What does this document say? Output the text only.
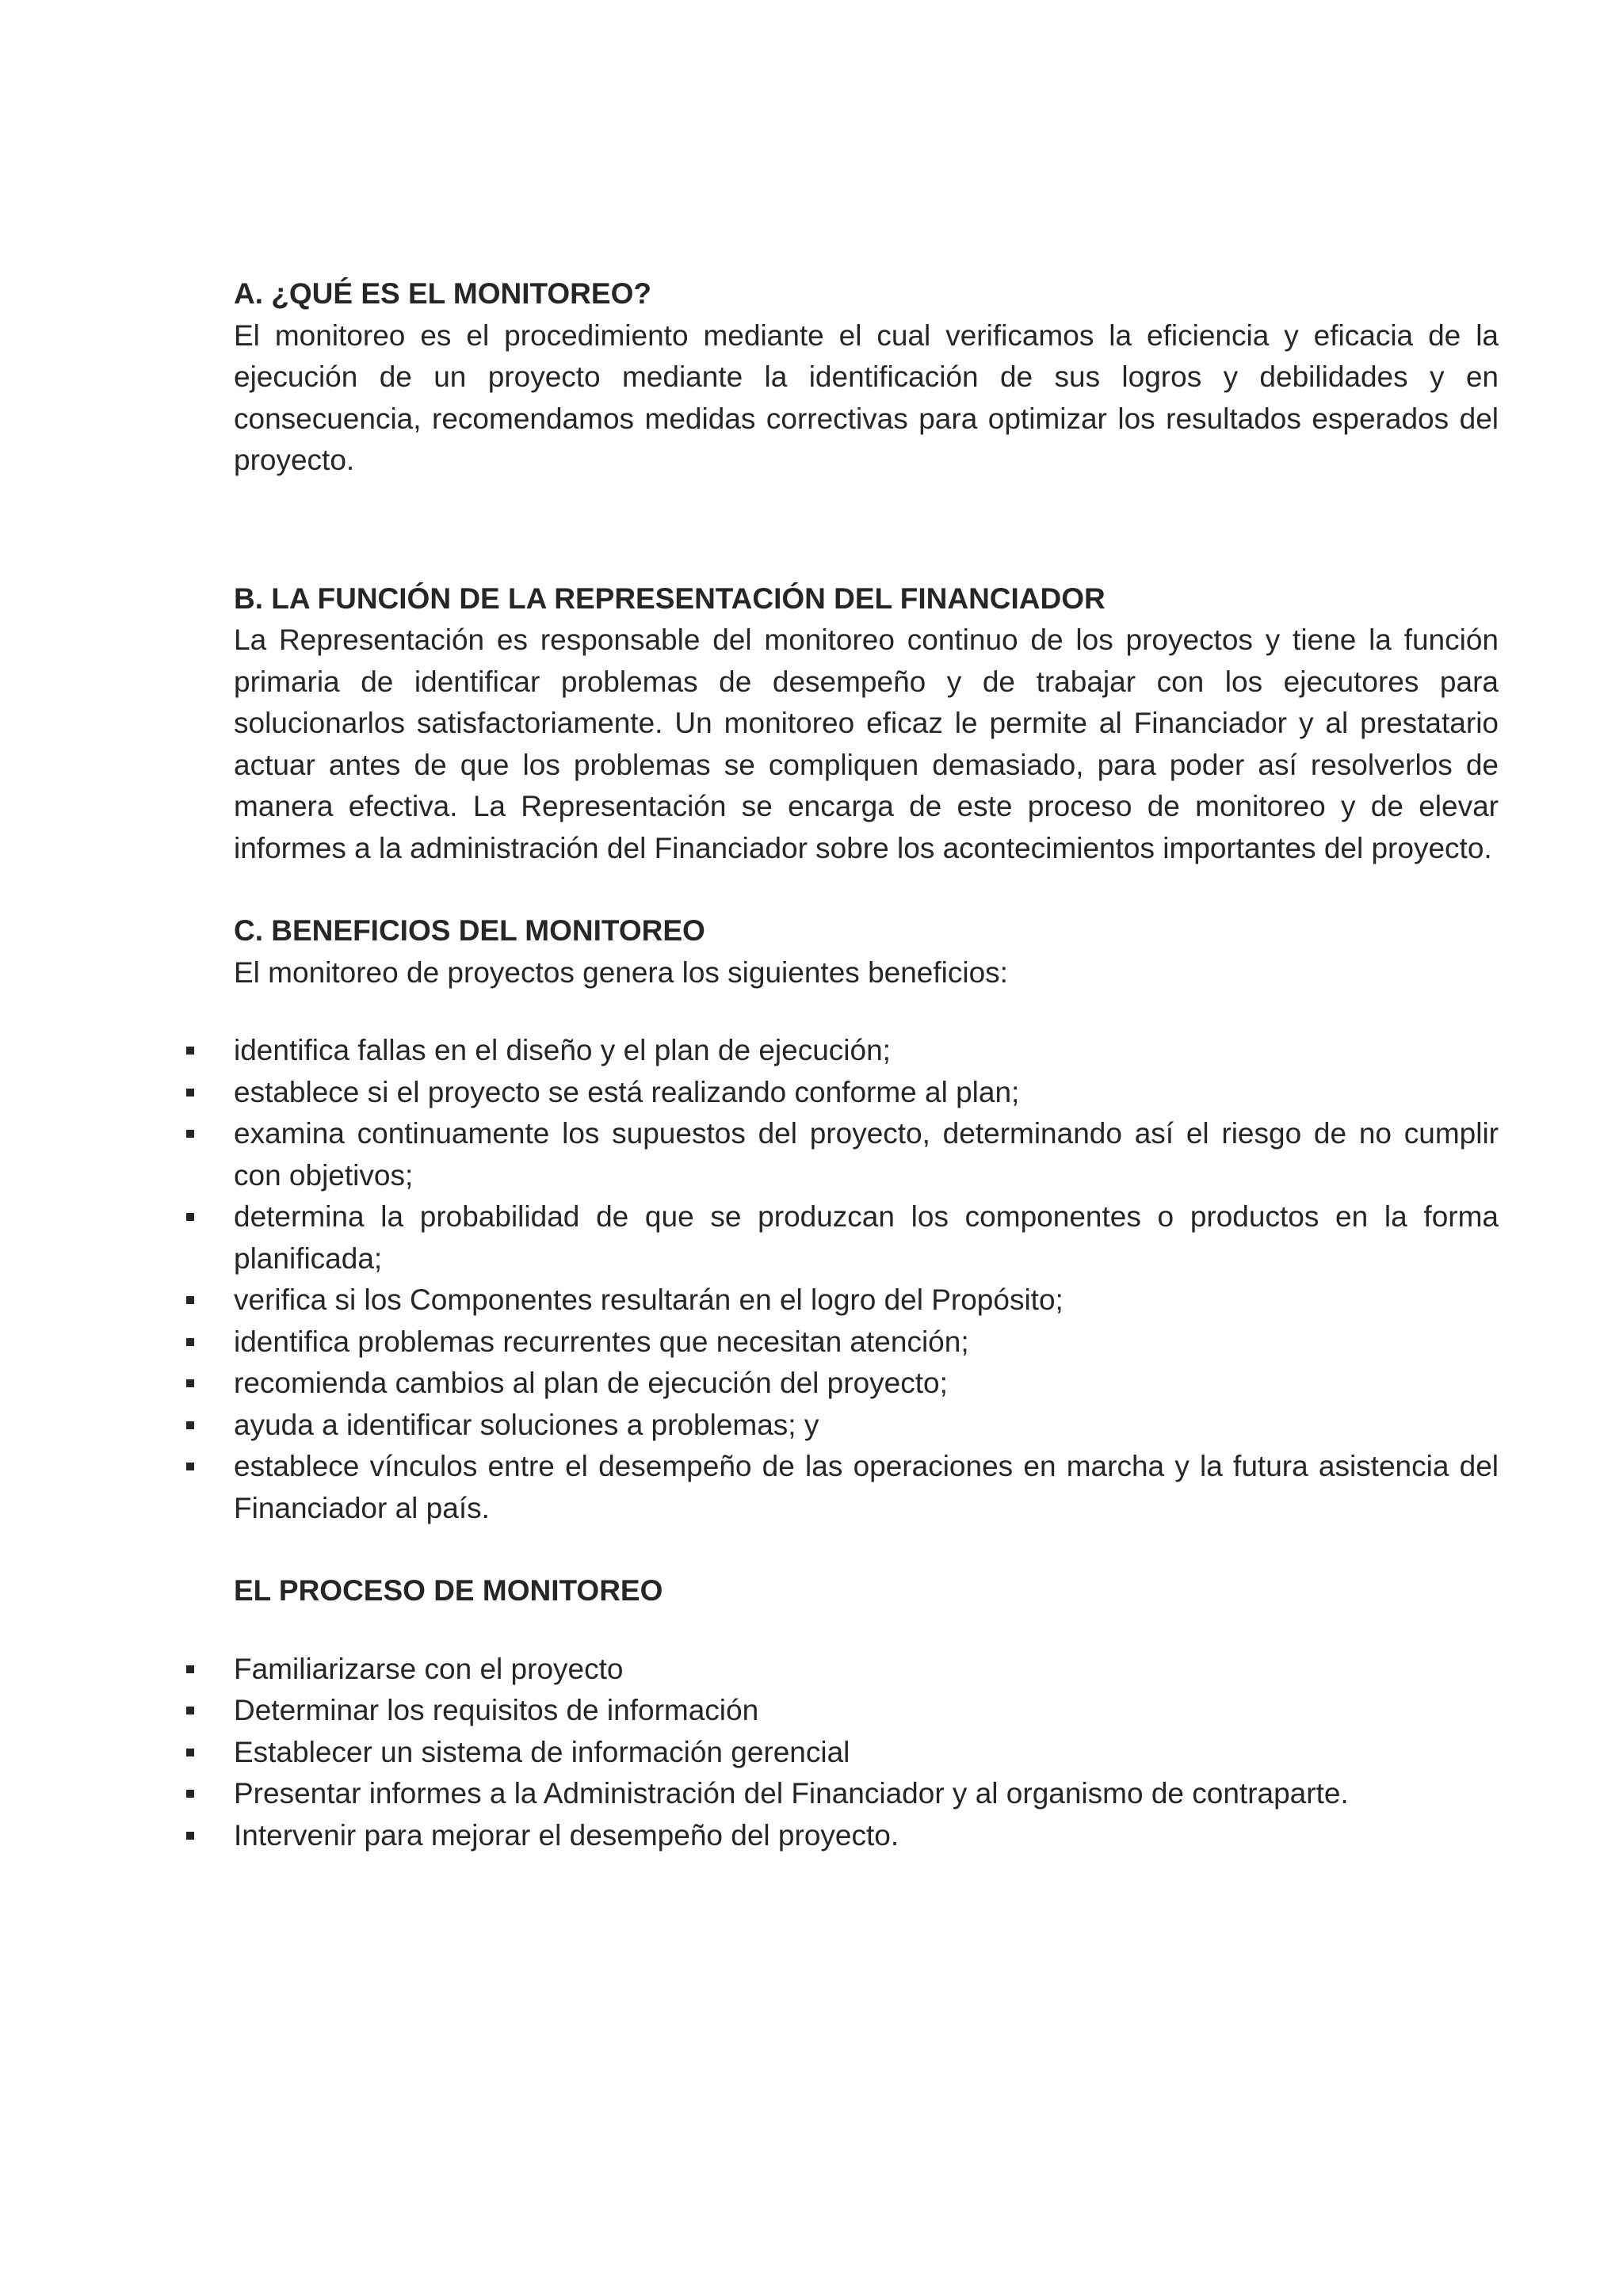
A. ¿QUÉ ES EL MONITOREO?

El monitoreo es el procedimiento mediante el cual verificamos la eficiencia y eficacia de la ejecución de un proyecto mediante la identificación de sus logros y debilidades y en consecuencia, recomendamos medidas correctivas para optimizar los resultados esperados del proyecto.

B. LA FUNCIÓN DE LA REPRESENTACIÓN DEL FINANCIADOR

La Representación es responsable del monitoreo continuo de los proyectos y tiene la función primaria de identificar problemas de desempeño y de trabajar con los ejecutores para solucionarlos satisfactoriamente. Un monitoreo eficaz le permite al Financiador y al prestatario actuar antes de que los problemas se compliquen demasiado, para poder así resolverlos de manera efectiva. La Representación se encarga de este proceso de monitoreo y de elevar informes a la administración del Financiador sobre los acontecimientos importantes del proyecto.

C. BENEFICIOS DEL MONITOREO

El monitoreo de proyectos genera los siguientes beneficios:

identifica fallas en el diseño y el plan de ejecución;
establece si el proyecto se está realizando conforme al plan;
examina continuamente los supuestos del proyecto, determinando así el riesgo de no cumplir con objetivos;
determina la probabilidad de que se produzcan los componentes o productos en la forma planificada;
verifica si los Componentes resultarán en el logro del Propósito;
identifica problemas recurrentes que necesitan atención;
recomienda cambios al plan de ejecución del proyecto;
ayuda a identificar soluciones a problemas; y
establece vínculos entre el desempeño de las operaciones en marcha y la futura asistencia del Financiador al país.
EL PROCESO DE MONITOREO
Familiarizarse con el proyecto
Determinar los requisitos de información
Establecer un sistema de información gerencial
Presentar informes a la Administración del Financiador y al organismo de contraparte.
Intervenir para mejorar el desempeño del proyecto.
